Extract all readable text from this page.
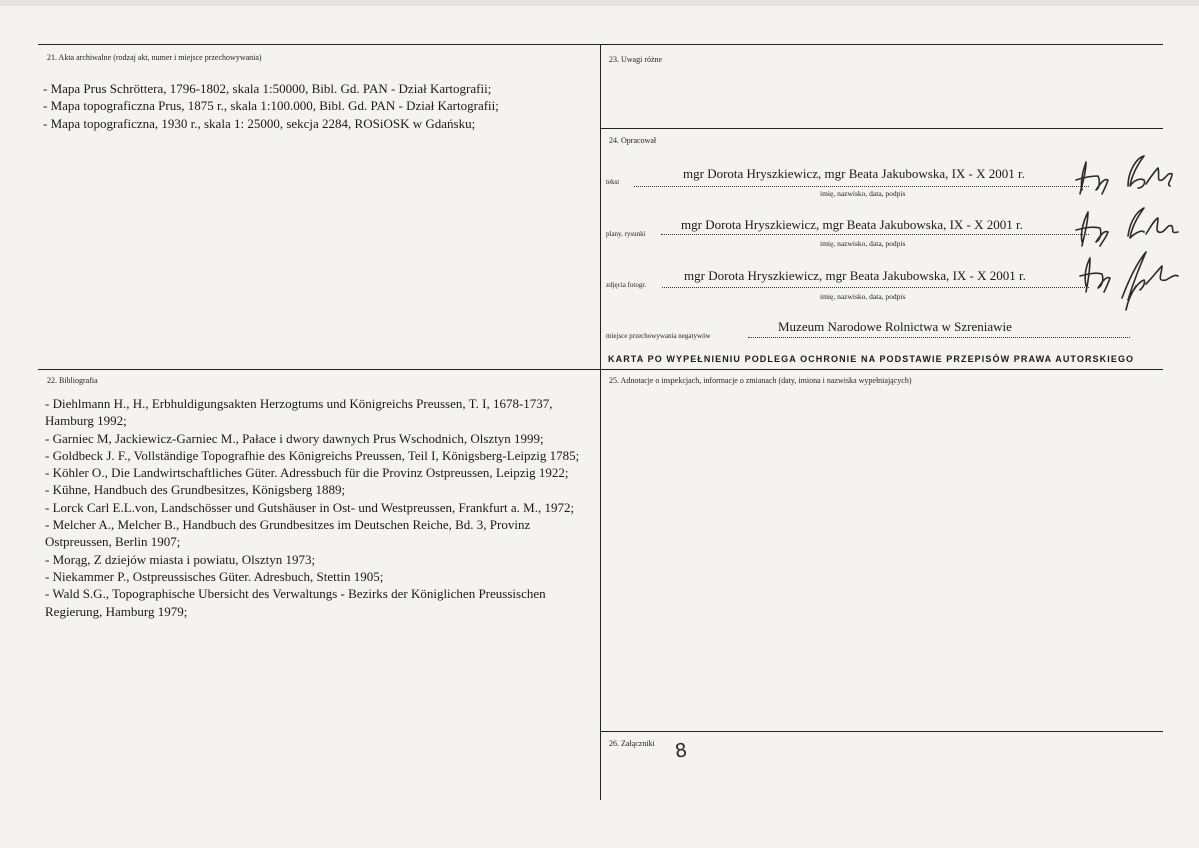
21. Akta archiwalne (rodzaj akt, numer i miejsce przechowywania)
- Mapa Prus Schröttera, 1796-1802, skala 1:50000, Bibl. Gd. PAN - Dział Kartografii;
- Mapa topograficzna Prus, 1875 r., skala 1:100.000, Bibl. Gd. PAN - Dział Kartografii;
- Mapa topograficzna, 1930 r., skala 1: 25000, sekcja 2284, ROSiOSK w Gdańsku;
22. Bibliografia
- Diehlmann H., H., Erbhuldigungsakten Herzogtums und Königreichs Preussen, T. I, 1678-1737, Hamburg 1992;
- Garniec M, Jackiewicz-Garniec M., Pałace i dwory dawnych Prus Wschodnich, Olsztyn 1999;
- Goldbeck J. F., Vollständige Topografhie des Königreichs Preussen, Teil I, Königsberg-Leipzig 1785;
- Köhler O., Die Landwirtschaftliches Güter. Adressbuch für die Provinz Ostpreussen, Leipzig 1922;
- Kühne, Handbuch des Grundbesitzes, Königsberg 1889;
- Lorck Carl E.L.von, Landschösser und Gutshäuser in Ost- und Westpreussen, Frankfurt a. M., 1972;
- Melcher A., Melcher B., Handbuch des Grundbesitzes im Deutschen Reiche, Bd. 3, Provinz Ostpreussen, Berlin 1907;
- Morąg, Z dziejów miasta i powiatu, Olsztyn 1973;
- Niekammer P., Ostpreussisches Güter. Adresbuch, Stettin 1905;
- Wald S.G., Topographische Ubersicht des Verwaltungs - Bezirks der Königlichen Preussischen Regierung, Hamburg 1979;
23. Uwagi różne
24. Opracował
tekst
mgr Dorota Hryszkiewicz, mgr Beata Jakubowska, IX - X 2001 r.
imię, nazwisko, data, podpis
plany, rysunki
mgr Dorota Hryszkiewicz, mgr Beata Jakubowska, IX - X 2001 r.
imię, nazwisko, data, podpis
zdjęcia fotogr.
mgr Dorota Hryszkiewicz, mgr Beata Jakubowska, IX - X 2001 r.
imię, nazwisko, data, podpis
miejsce przechowywania negatywów
Muzeum Narodowe Rolnictwa w Szreniawie
KARTA PO WYPEŁNIENIU PODLEGA OCHRONIE NA PODSTAWIE PRZEPISÓW PRAWA AUTORSKIEGO
25. Adnotacje o inspekcjach, informacje o zmianach (daty, imiona i nazwiska wypełniających)
26. Załączniki 8
